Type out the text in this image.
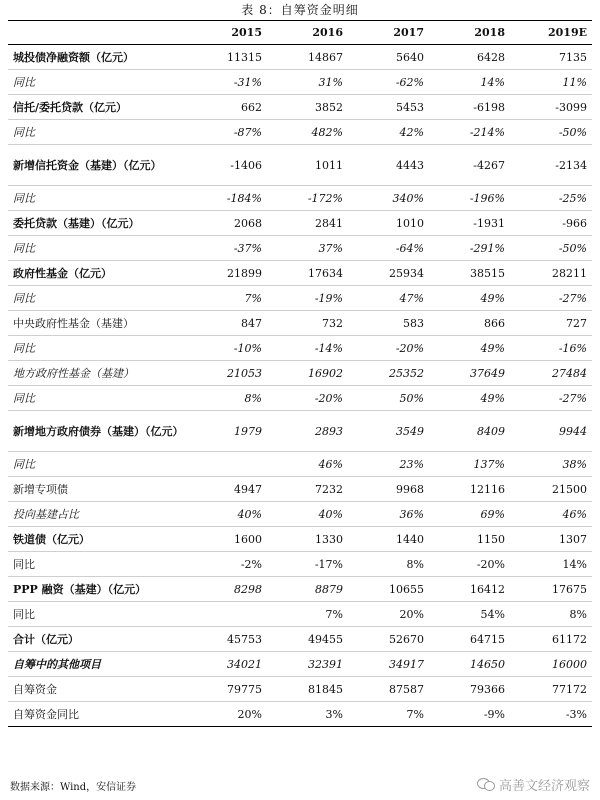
表 8：自筹资金明细
	2015	2016	2017	2018	2019E
城投债净融资额（亿元）	11315	14867	5640	6428	7135
同比	-31%	31%	-62%	14%	11%
信托/委托贷款（亿元）	662	3852	5453	-6198	-3099
同比	-87%	482%	42%	-214%	-50%
新增信托资金（基建）（亿元）	-1406	1011	4443	-4267	-2134
同比	-184%	-172%	340%	-196%	-25%
委托贷款（基建）（亿元）	2068	2841	1010	-1931	-966
同比	-37%	37%	-64%	-291%	-50%
政府性基金（亿元）	21899	17634	25934	38515	28211
同比	7%	-19%	47%	49%	-27%
中央政府性基金（基建）	847	732	583	866	727
同比	-10%	-14%	-20%	49%	-16%
地方政府性基金（基建）	21053	16902	25352	37649	27484
同比	8%	-20%	50%	49%	-27%
新增地方政府债券（基建）（亿元）	1979	2893	3549	8409	9944
同比		46%	23%	137%	38%
新增专项债	4947	7232	9968	12116	21500
投向基建占比	40%	40%	36%	69%	46%
铁道债（亿元）	1600	1330	1440	1150	1307
同比	-2%	-17%	8%	-20%	14%
PPP 融资（基建）（亿元）	8298	8879	10655	16412	17675
同比		7%	20%	54%	8%
合计（亿元）	45753	49455	52670	64715	61172
自筹中的其他项目	34021	32391	34917	14650	16000
自筹资金	79775	81845	87587	79366	77172
自筹资金同比	20%	3%	7%	-9%	-3%
数据来源：Wind，安信证券	高善文经济观察
